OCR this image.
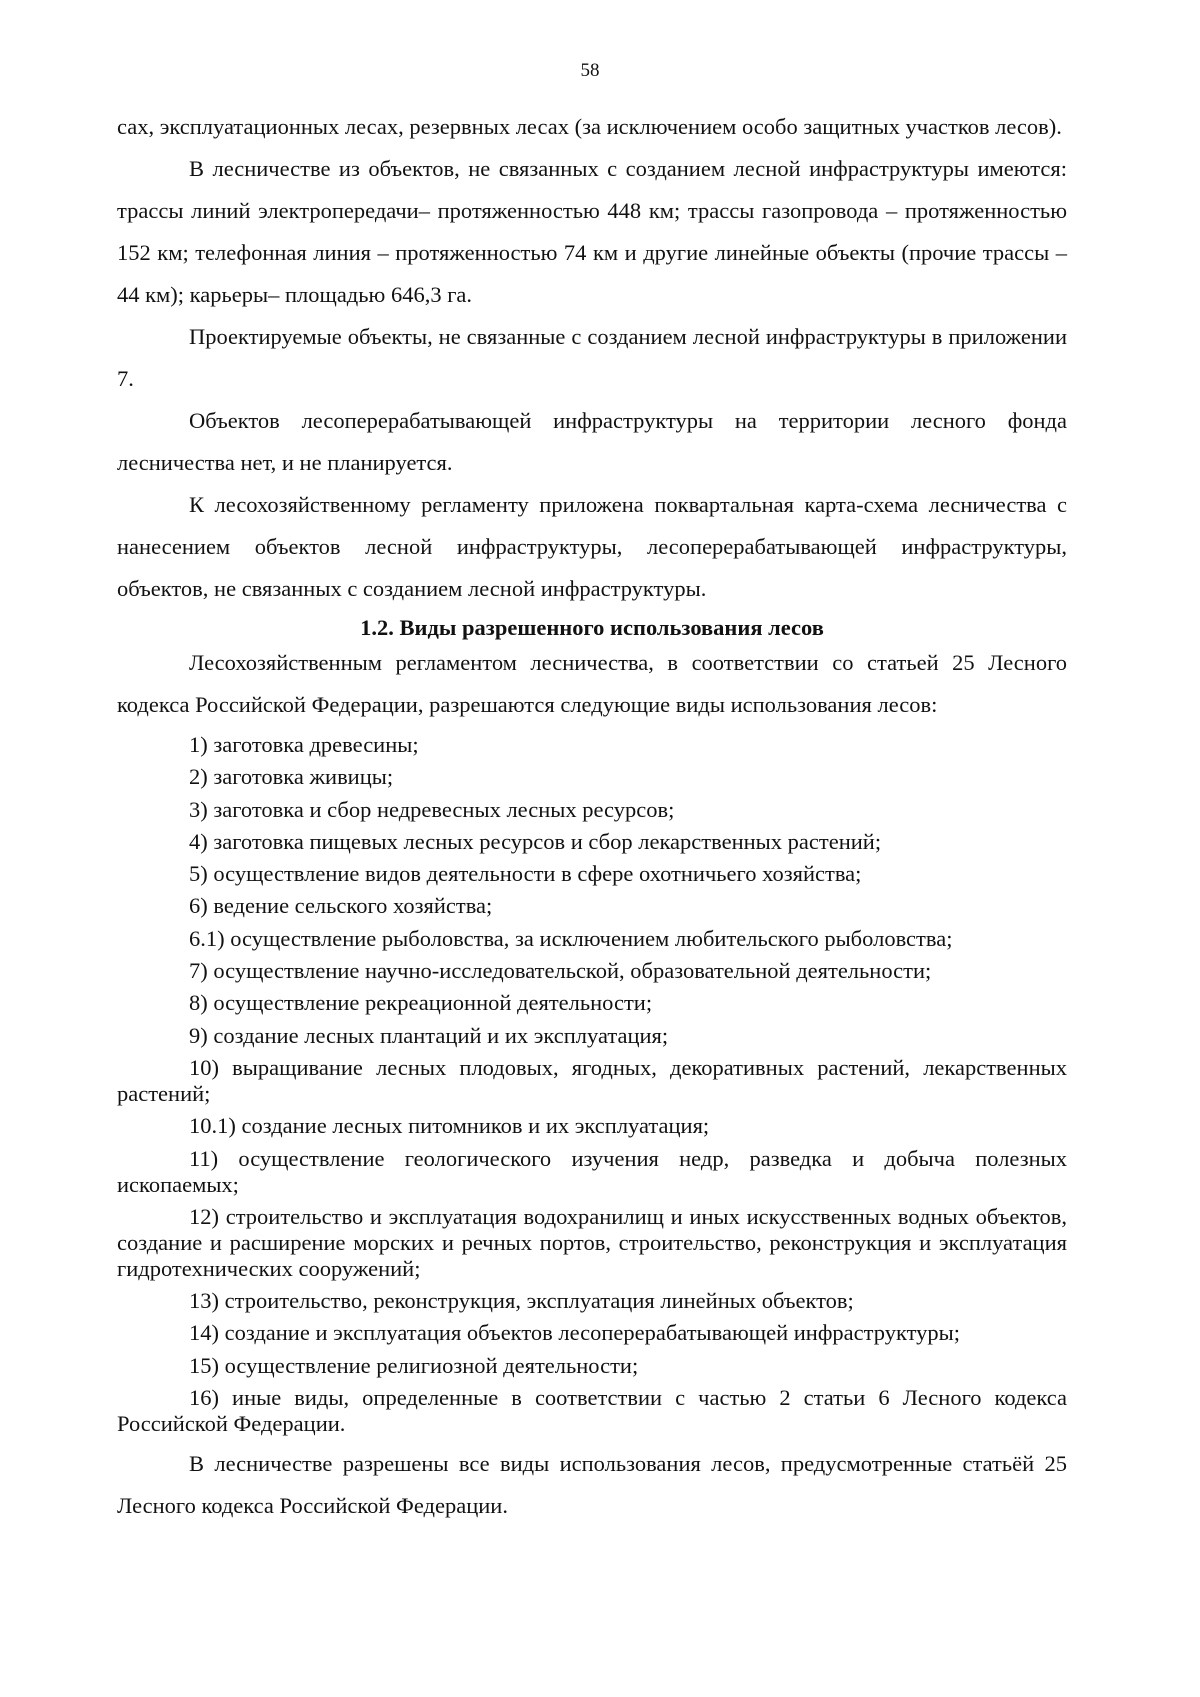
58

сах, эксплуатационных лесах, резервных лесах (за исключением особо защитных участков лесов).

В лесничестве из объектов, не связанных с созданием лесной инфраструктуры имеются: трассы линий электропередачи– протяженностью 448 км; трассы газопровода – протяженностью 152 км; телефонная линия – протяженностью 74 км и другие линейные объекты (прочие трассы – 44 км); карьеры– площадью 646,3 га.

Проектируемые объекты, не связанные с созданием лесной инфраструктуры в приложении 7.

Объектов лесоперерабатывающей инфраструктуры на территории лесного фонда лесничества нет, и не планируется.

К лесохозяйственному регламенту приложена поквартальная карта-схема лесничества с нанесением объектов лесной инфраструктуры, лесоперерабатывающей инфраструктуры, объектов, не связанных с созданием лесной инфраструктуры.

1.2. Виды разрешенного использования лесов

Лесохозяйственным регламентом лесничества, в соответствии со статьей 25 Лесного кодекса Российской Федерации, разрешаются следующие виды использования лесов:

1) заготовка древесины;
2) заготовка живицы;
3) заготовка и сбор недревесных лесных ресурсов;
4) заготовка пищевых лесных ресурсов и сбор лекарственных растений;
5) осуществление видов деятельности в сфере охотничьего хозяйства;
6) ведение сельского хозяйства;
6.1) осуществление рыболовства, за исключением любительского рыболовства;
7) осуществление научно-исследовательской, образовательной деятельности;
8) осуществление рекреационной деятельности;
9) создание лесных плантаций и их эксплуатация;
10) выращивание лесных плодовых, ягодных, декоративных растений, лекарственных растений;
10.1) создание лесных питомников и их эксплуатация;
11) осуществление геологического изучения недр, разведка и добыча полезных ископаемых;
12) строительство и эксплуатация водохранилищ и иных искусственных водных объектов, создание и расширение морских и речных портов, строительство, реконструкция и эксплуатация гидротехнических сооружений;
13) строительство, реконструкция, эксплуатация линейных объектов;
14) создание и эксплуатация объектов лесоперерабатывающей инфраструктуры;
15) осуществление религиозной деятельности;
16) иные виды, определенные в соответствии с частью 2 статьи 6 Лесного кодекса Российской Федерации.

В лесничестве разрешены все виды использования лесов, предусмотренные статьёй 25 Лесного кодекса Российской Федерации.
